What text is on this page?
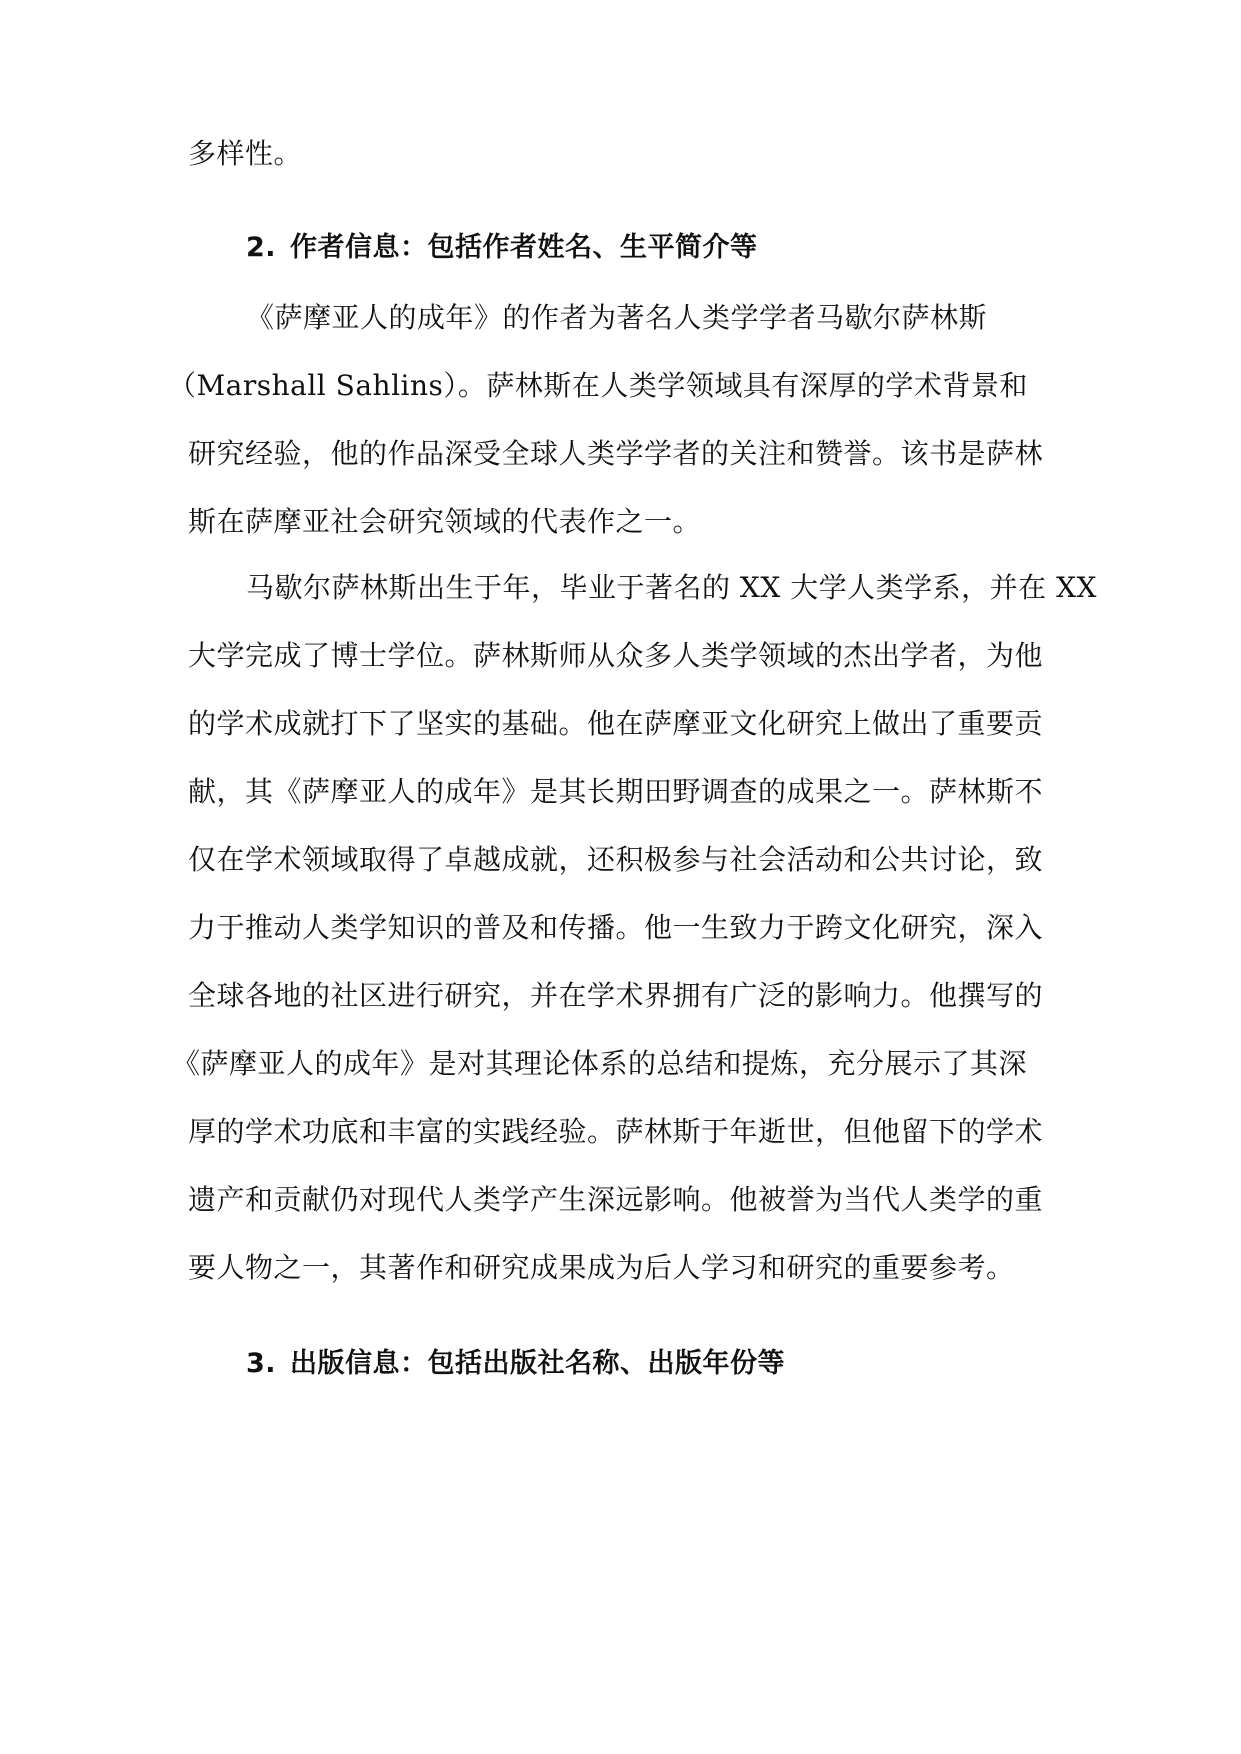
多样性。

2. 作者信息：包括作者姓名、生平简介等

《萨摩亚人的成年》的作者为著名人类学学者马歇尔萨林斯

（Marshall Sahlins）。萨林斯在人类学领域具有深厚的学术背景和

研究经验，他的作品深受全球人类学学者的关注和赞誉。该书是萨林

斯在萨摩亚社会研究领域的代表作之一。

马歇尔萨林斯出生于年，毕业于著名的 XX 大学人类学系，并在 XX

大学完成了博士学位。萨林斯师从众多人类学领域的杰出学者，为他

的学术成就打下了坚实的基础。他在萨摩亚文化研究上做出了重要贡

献，其《萨摩亚人的成年》是其长期田野调查的成果之一。萨林斯不

仅在学术领域取得了卓越成就，还积极参与社会活动和公共讨论，致

力于推动人类学知识的普及和传播。他一生致力于跨文化研究，深入

全球各地的社区进行研究，并在学术界拥有广泛的影响力。他撰写的

《萨摩亚人的成年》是对其理论体系的总结和提炼，充分展示了其深

厚的学术功底和丰富的实践经验。萨林斯于年逝世，但他留下的学术

遗产和贡献仍对现代人类学产生深远影响。他被誉为当代人类学的重

要人物之一，其著作和研究成果成为后人学习和研究的重要参考。

3. 出版信息：包括出版社名称、出版年份等
